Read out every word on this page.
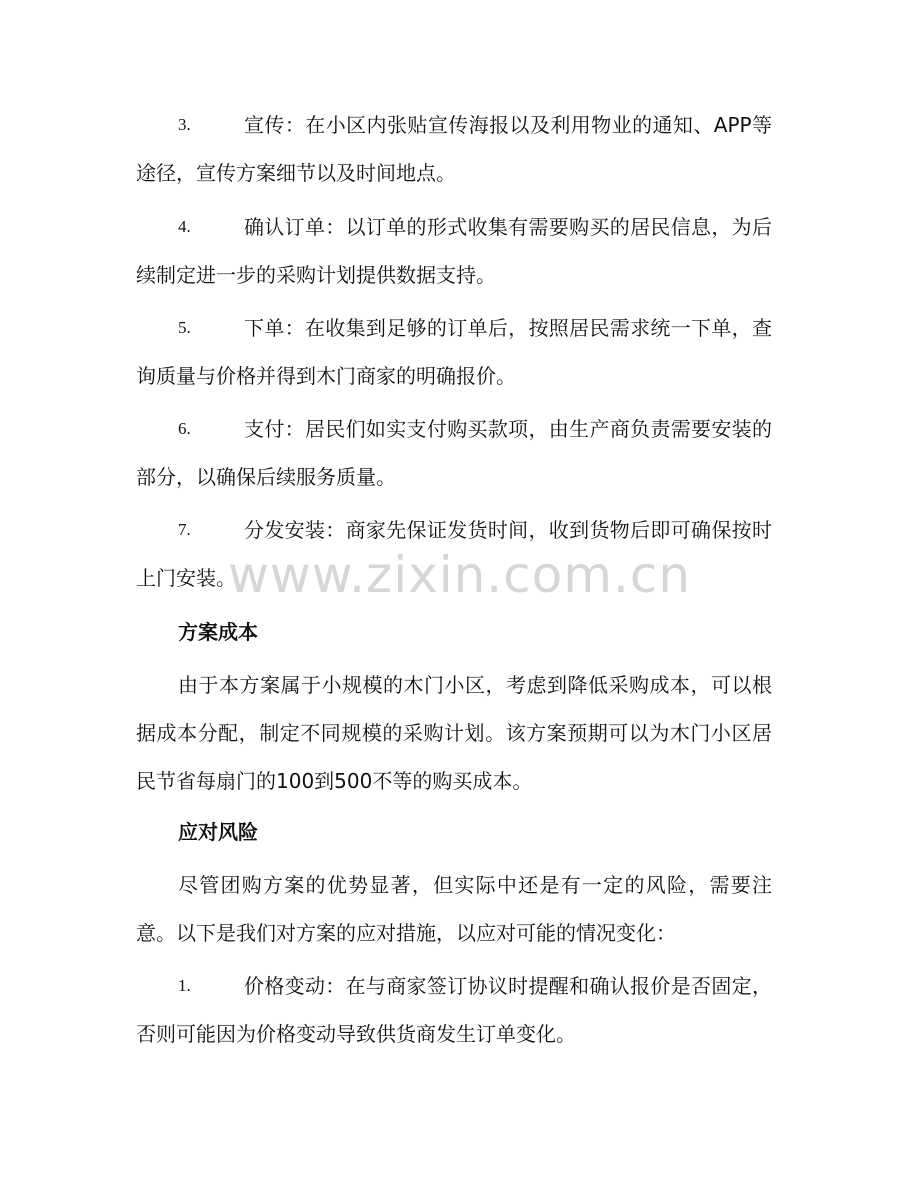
3.	宣传：在小区内张贴宣传海报以及利用物业的通知、APP等途径，宣传方案细节以及时间地点。
4.	确认订单：以订单的形式收集有需要购买的居民信息，为后续制定进一步的采购计划提供数据支持。
5.	下单：在收集到足够的订单后，按照居民需求统一下单，查询质量与价格并得到木门商家的明确报价。
6.	支付：居民们如实支付购买款项，由生产商负责需要安装的部分，以确保后续服务质量。
7.	分发安装：商家先保证发货时间，收到货物后即可确保按时上门安装。
方案成本
由于本方案属于小规模的木门小区，考虑到降低采购成本，可以根据成本分配，制定不同规模的采购计划。该方案预期可以为木门小区居民节省每扇门的100到500不等的购买成本。
应对风险
尽管团购方案的优势显著，但实际中还是有一定的风险，需要注意。以下是我们对方案的应对措施，以应对可能的情况变化：
1.	价格变动：在与商家签订协议时提醒和确认报价是否固定，否则可能因为价格变动导致供货商发生订单变化。
www.zixin.com.cn
